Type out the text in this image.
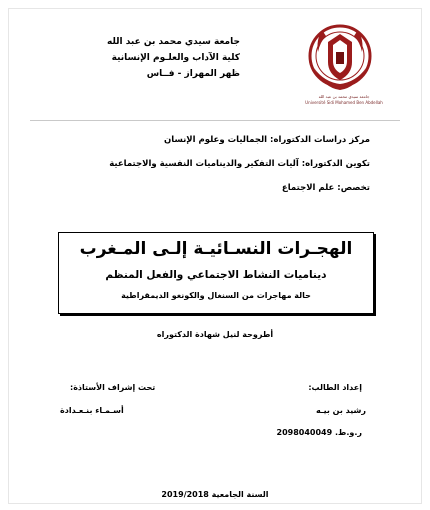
جامعة سيدي محمد بن عبد الله
كلية الآداب والعلـوم الإنسانية
ظهر المهراز - فــاس
جامعة سيدي محمد بن عبد الله
Université Sidi Mohamed Ben Abdellah
مركز دراسات الدكتوراه: الجماليات وعلوم الإنسان
تكوين الدكتوراه: آليات التفكير والديناميات النفسية والاجتماعية
تخصص: علم الاجتماع
الهجـرات النسـائيـة إلـى المـغرب
ديناميات النشاط الاجتماعي والفعل المنظم
حالة مهاجرات من السنغال والكونغو الديمقراطية
أطروحة لنيل شهادة الدكتوراه
إعداد الطالب:
تحت إشراف الأستاذة:
رشيد بن بيـه
أسـمـاء بنـعـدادة
ر.و.ط. 2098040049
السنة الجامعية 2019/2018
